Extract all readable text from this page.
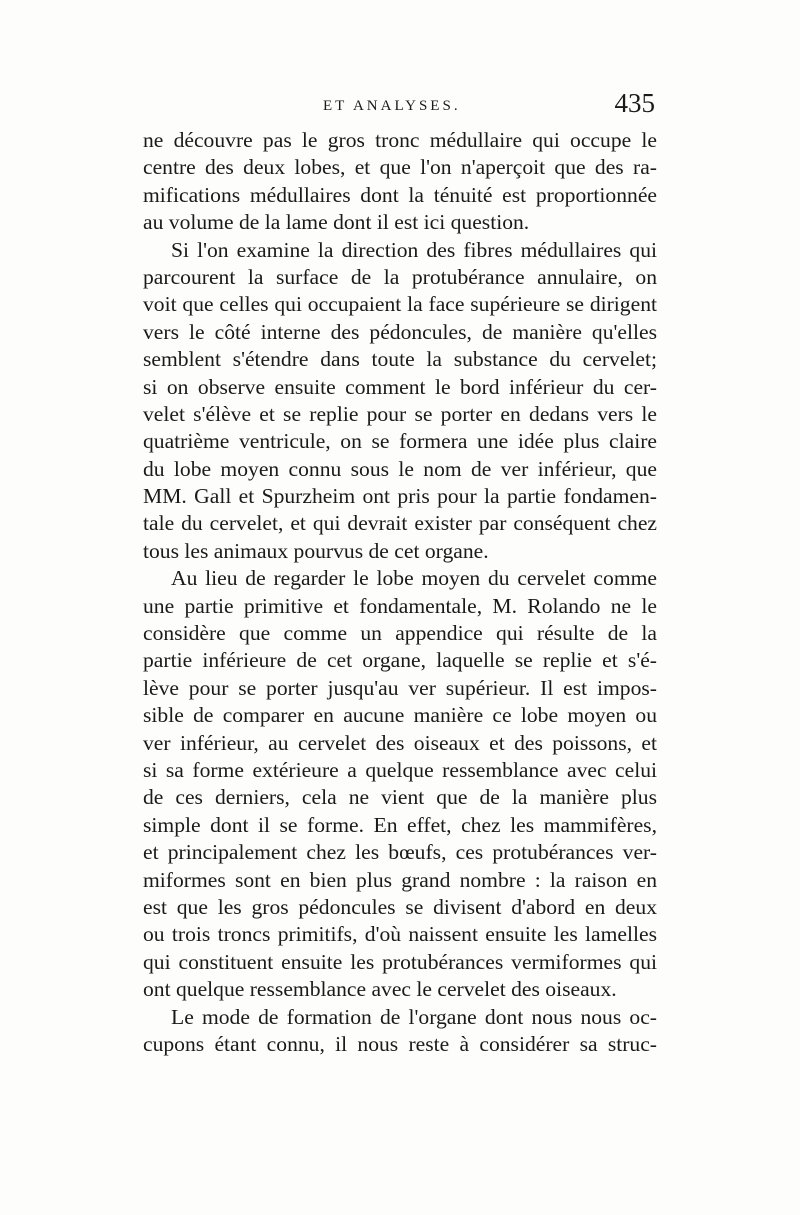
ET ANALYSES.	435
ne découvre pas le gros tronc médullaire qui occupe le
centre des deux lobes, et que l'on n'aperçoit que des ra-
mifications médullaires dont la ténuité est proportionnée
au volume de la lame dont il est ici question.
Si l'on examine la direction des fibres médullaires qui
parcourent la surface de la protubérance annulaire, on
voit que celles qui occupaient la face supérieure se dirigent
vers le côté interne des pédoncules, de manière qu'elles
semblent s'étendre dans toute la substance du cervelet;
si on observe ensuite comment le bord inférieur du cer-
velet s'élève et se replie pour se porter en dedans vers le
quatrième ventricule, on se formera une idée plus claire
du lobe moyen connu sous le nom de ver inférieur, que
MM. Gall et Spurzheim ont pris pour la partie fondamen-
tale du cervelet, et qui devrait exister par conséquent chez
tous les animaux pourvus de cet organe.
Au lieu de regarder le lobe moyen du cervelet comme
une partie primitive et fondamentale, M. Rolando ne le
considère que comme un appendice qui résulte de la
partie inférieure de cet organe, laquelle se replie et s'é-
lève pour se porter jusqu'au ver supérieur. Il est impos-
sible de comparer en aucune manière ce lobe moyen ou
ver inférieur, au cervelet des oiseaux et des poissons, et
si sa forme extérieure a quelque ressemblance avec celui
de ces derniers, cela ne vient que de la manière plus
simple dont il se forme. En effet, chez les mammifères,
et principalement chez les bœufs, ces protubérances ver-
miformes sont en bien plus grand nombre : la raison en
est que les gros pédoncules se divisent d'abord en deux
ou trois troncs primitifs, d'où naissent ensuite les lamelles
qui constituent ensuite les protubérances vermiformes qui
ont quelque ressemblance avec le cervelet des oiseaux.
Le mode de formation de l'organe dont nous nous oc-
cupons étant connu, il nous reste à considérer sa struc-
